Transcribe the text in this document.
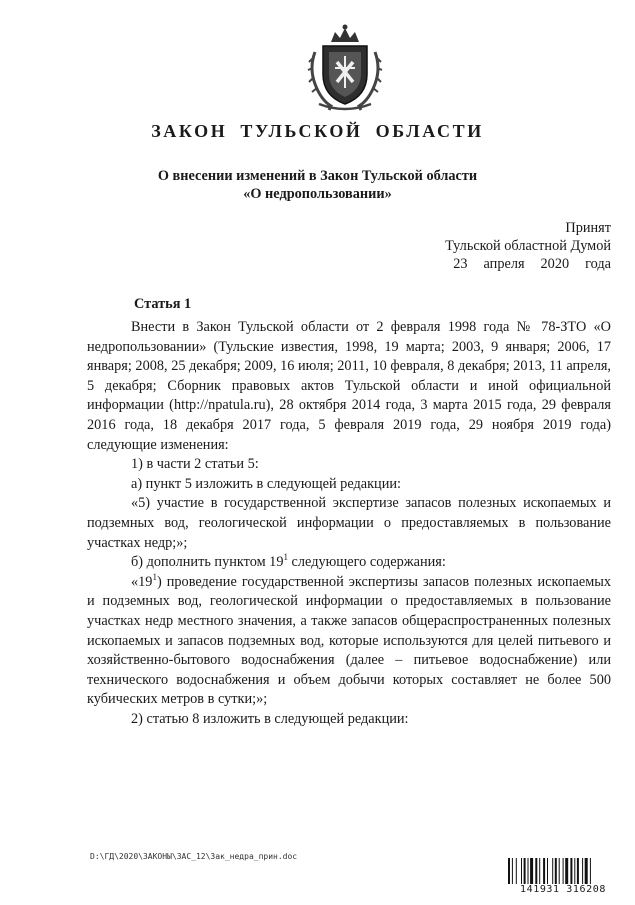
ЗАКОН ТУЛЬСКОЙ ОБЛАСТИ
О внесении изменений в Закон Тульской области
«О недропользовании»
Принят
Тульской областной Думой
23 апреля 2020 года
Статья 1

Внести в Закон Тульской области от 2 февраля 1998 года № 78-ЗТО «О недропользовании» (Тульские известия, 1998, 19 марта; 2003, 9 января; 2006, 17 января; 2008, 25 декабря; 2009, 16 июля; 2011, 10 февраля, 8 декабря; 2013, 11 апреля, 5 декабря; Сборник правовых актов Тульской области и иной официальной информации (http://npatula.ru), 28 октября 2014 года, 3 марта 2015 года, 29 февраля 2016 года, 18 декабря 2017 года, 5 февраля 2019 года, 29 ноября 2019 года) следующие изменения:

1) в части 2 статьи 5:

а) пункт 5 изложить в следующей редакции:

«5) участие в государственной экспертизе запасов полезных ископаемых и подземных вод, геологической информации о предоставляемых в пользование участках недр;»;

б) дополнить пунктом $19^1$ следующего содержания:

«$19^1$) проведение государственной экспертизы запасов полезных ископаемых и подземных вод, геологической информации о предоставляемых в пользование участках недр местного значения, а также запасов общераспространенных полезных ископаемых и запасов подземных вод, которые используются для целей питьевого и хозяйственно-бытового водоснабжения (далее – питьевое водоснабжение) или технического водоснабжения и объем добычи которых составляет не более 500 кубических метров в сутки;»;

2) статью 8 изложить в следующей редакции:

D:\ГД\2020\ЗАКОНЫ\ЗАС_12\Зак_недра_прин.doc
141931 316208
